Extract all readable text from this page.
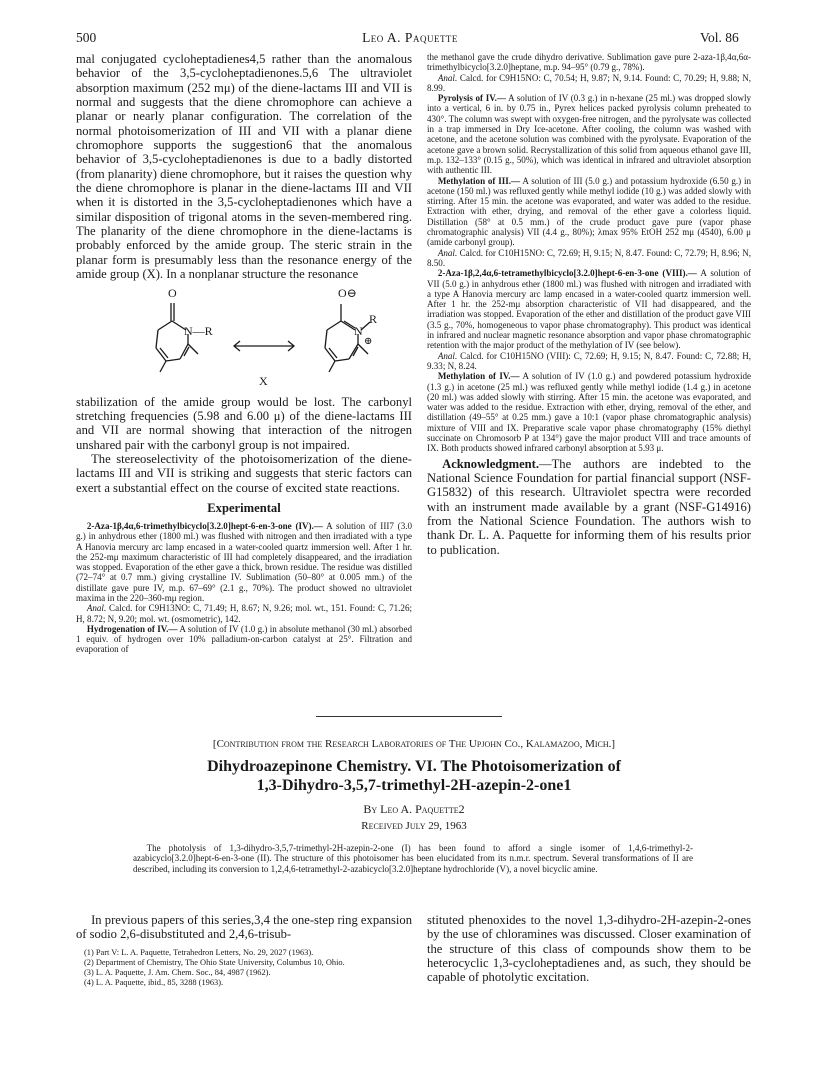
500	Leo A. Paquette	Vol. 86

mal conjugated cycloheptadienes4,5 rather than the anomalous behavior of the 3,5-cycloheptadienones.5,6 The ultraviolet absorption maximum (252 mμ) of the diene-lactams III and VII is normal and suggests that the diene chromophore can achieve a planar or nearly planar configuration. The correlation of the normal photoisomerization of III and VII with a planar diene chromophore supports the suggestion6 that the anomalous behavior of 3,5-cycloheptadienones is due to a badly distorted (from planarity) diene chromophore, but it raises the question why the diene chromophore is planar in the diene-lactams III and VII when it is distorted in the 3,5-cycloheptadienones which have a similar disposition of trigonal atoms in the seven-membered ring. The planarity of the diene chromophore in the diene-lactams is probably enforced by the amide group. The steric strain in the planar form is presumably less than the resonance energy of the amide group (X). In a nonplanar structure the resonance

O
N—R
O⊖
R
N
⊕
X

stabilization of the amide group would be lost. The carbonyl stretching frequencies (5.98 and 6.00 μ) of the diene-lactams III and VII are normal showing that interaction of the nitrogen unshared pair with the carbonyl group is not impaired.

The stereoselectivity of the photoisomerization of the diene-lactams III and VII is striking and suggests that steric factors can exert a substantial effect on the course of excited state reactions.

Experimental

2-Aza-1β,4α,6-trimethylbicyclo[3.2.0]hept-6-en-3-one (IV).— A solution of III7 (3.0 g.) in anhydrous ether (1800 ml.) was flushed with nitrogen and then irradiated with a type A Hanovia mercury arc lamp encased in a water-cooled quartz immersion well. After 1 hr. the 252-mμ maximum characteristic of III had completely disappeared, and the irradiation was stopped. Evaporation of the ether gave a thick, brown residue. The residue was distilled (72–74° at 0.7 mm.) giving crystalline IV. Sublimation (50–80° at 0.005 mm.) of the distillate gave pure IV, m.p. 67–69° (2.1 g., 70%). The product showed no ultraviolet maxima in the 220–360-mμ region.

Anal. Calcd. for C9H13NO: C, 71.49; H, 8.67; N, 9.26; mol. wt., 151. Found: C, 71.26; H, 8.72; N, 9.20; mol. wt. (osmometric), 142.

Hydrogenation of IV.— A solution of IV (1.0 g.) in absolute methanol (30 ml.) absorbed 1 equiv. of hydrogen over 10% palladium-on-carbon catalyst at 25°. Filtration and evaporation of

the methanol gave the crude dihydro derivative. Sublimation gave pure 2-aza-1β,4α,6α-trimethylbicyclo[3.2.0]heptane, m.p. 94–95° (0.79 g., 78%).

Anal. Calcd. for C9H15NO: C, 70.54; H, 9.87; N, 9.14. Found: C, 70.29; H, 9.88; N, 8.99.

Pyrolysis of IV.— A solution of IV (0.3 g.) in n-hexane (25 ml.) was dropped slowly into a vertical, 6 in. by 0.75 in., Pyrex helices packed pyrolysis column preheated to 430°. The column was swept with oxygen-free nitrogen, and the pyrolysate was collected in a trap immersed in Dry Ice-acetone. After cooling, the column was washed with acetone, and the acetone solution was combined with the pyrolysate. Evaporation of the acetone gave a brown solid. Recrystallization of this solid from aqueous ethanol gave III, m.p. 132–133° (0.15 g., 50%), which was identical in infrared and ultraviolet absorption with authentic III.

Methylation of III.— A solution of III (5.0 g.) and potassium hydroxide (6.50 g.) in acetone (150 ml.) was refluxed gently while methyl iodide (10 g.) was added slowly with stirring. After 15 min. the acetone was evaporated, and water was added to the residue. Extraction with ether, drying, and removal of the ether gave a colorless liquid. Distillation (58° at 0.5 mm.) of the crude product gave pure (vapor phase chromatographic analysis) VII (4.4 g., 80%); λmax 95% EtOH 252 mμ (4540), 6.00 μ (amide carbonyl group).

Anal. Calcd. for C10H15NO: C, 72.69; H, 9.15; N, 8.47. Found: C, 72.79; H, 8.96; N, 8.50.

2-Aza-1β,2,4α,6-tetramethylbicyclo[3.2.0]hept-6-en-3-one (VIII).— A solution of VII (5.0 g.) in anhydrous ether (1800 ml.) was flushed with nitrogen and irradiated with a type A Hanovia mercury arc lamp encased in a water-cooled quartz immersion well. After 1 hr. the 252-mμ absorption characteristic of VII had disappeared, and the irradiation was stopped. Evaporation of the ether and distillation of the product gave VIII (3.5 g., 70%, homogeneous to vapor phase chromatography). This product was identical in infrared and nuclear magnetic resonance absorption and vapor phase chromatographic retention with the major product of the methylation of IV (see below).

Anal. Calcd. for C10H15NO (VIII): C, 72.69; H, 9.15; N, 8.47. Found: C, 72.88; H, 9.33; N, 8.24.

Methylation of IV.— A solution of IV (1.0 g.) and powdered potassium hydroxide (1.3 g.) in acetone (25 ml.) was refluxed gently while methyl iodide (1.4 g.) in acetone (20 ml.) was added slowly with stirring. After 15 min. the acetone was evaporated, and water was added to the residue. Extraction with ether, drying, removal of the ether, and distillation (49–55° at 0.25 mm.) gave a 10:1 (vapor phase chromatographic analysis) mixture of VIII and IX. Preparative scale vapor phase chromatography (15% diethyl succinate on Chromosorb P at 134°) gave the major product VIII and trace amounts of IX. Both products showed infrared carbonyl absorption at 5.93 μ.

Acknowledgment.—The authors are indebted to the National Science Foundation for partial financial support (NSF-G15832) of this research. Ultraviolet spectra were recorded with an instrument made available by a grant (NSF-G14916) from the National Science Foundation. The authors wish to thank Dr. L. A. Paquette for informing them of his results prior to publication.

[Contribution from the Research Laboratories of The Upjohn Co., Kalamazoo, Mich.]
Dihydroazepinone Chemistry. VI. The Photoisomerization of
1,3-Dihydro-3,5,7-trimethyl-2H-azepin-2-one1
By Leo A. Paquette2
Received July 29, 1963

The photolysis of 1,3-dihydro-3,5,7-trimethyl-2H-azepin-2-one (I) has been found to afford a single isomer of 1,4,6-trimethyl-2-azabicyclo[3.2.0]hept-6-en-3-one (II). The structure of this photoisomer has been elucidated from its n.m.r. spectrum. Several transformations of II are described, including its conversion to 1,2,4,6-tetramethyl-2-azabicyclo[3.2.0]heptane hydrochloride (V), a novel bicyclic amine.

In previous papers of this series,3,4 the one-step ring expansion of sodio 2,6-disubstituted and 2,4,6-trisub-

(1) Part V: L. A. Paquette, Tetrahedron Letters, No. 29, 2027 (1963).

(2) Department of Chemistry, The Ohio State University, Columbus 10, Ohio.

(3) L. A. Paquette, J. Am. Chem. Soc., 84, 4987 (1962).

(4) L. A. Paquette, ibid., 85, 3288 (1963).

stituted phenoxides to the novel 1,3-dihydro-2H-azepin-2-ones by the use of chloramines was discussed. Closer examination of the structure of this class of compounds show them to be heterocyclic 1,3-cycloheptadienes and, as such, they should be capable of photolytic excitation.
